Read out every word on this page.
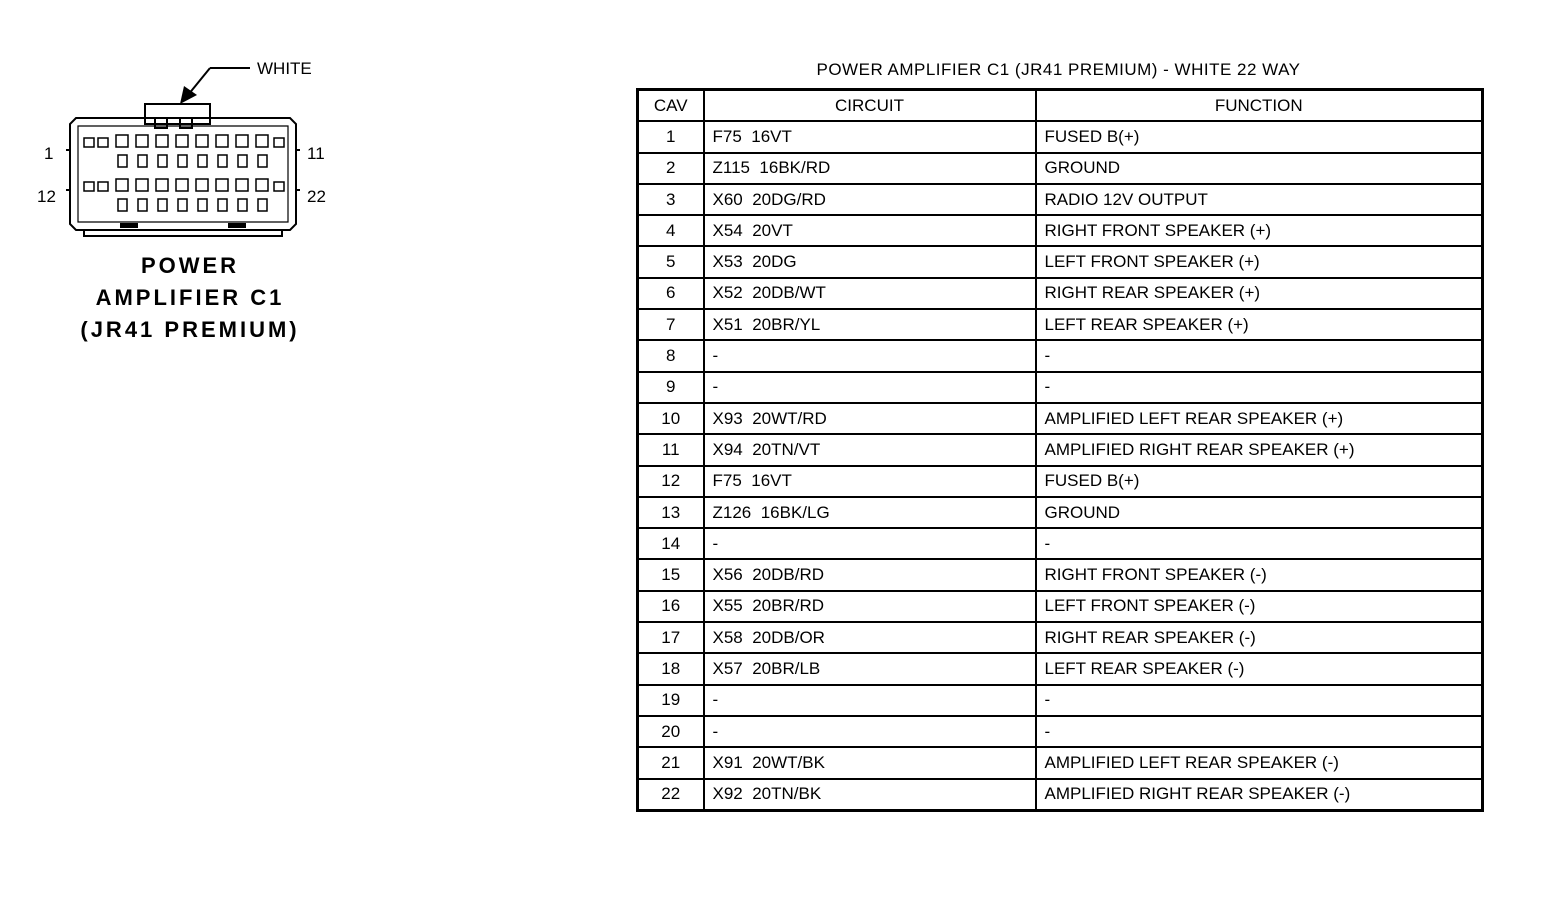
WHITE
1	11
12	22
POWER
AMPLIFIER C1
(JR41 PREMIUM)
POWER AMPLIFIER C1 (JR41 PREMIUM) - WHITE 22 WAY
CAV	CIRCUIT	FUNCTION
1	F75  16VT	FUSED B(+)
2	Z115  16BK/RD	GROUND
3	X60  20DG/RD	RADIO 12V OUTPUT
4	X54  20VT	RIGHT FRONT SPEAKER (+)
5	X53  20DG	LEFT FRONT SPEAKER (+)
6	X52  20DB/WT	RIGHT REAR SPEAKER (+)
7	X51  20BR/YL	LEFT REAR SPEAKER (+)
8	-	-
9	-	-
10	X93  20WT/RD	AMPLIFIED LEFT REAR SPEAKER (+)
11	X94  20TN/VT	AMPLIFIED RIGHT REAR SPEAKER (+)
12	F75  16VT	FUSED B(+)
13	Z126  16BK/LG	GROUND
14	-	-
15	X56  20DB/RD	RIGHT FRONT SPEAKER (-)
16	X55  20BR/RD	LEFT FRONT SPEAKER (-)
17	X58  20DB/OR	RIGHT REAR SPEAKER (-)
18	X57  20BR/LB	LEFT REAR SPEAKER (-)
19	-	-
20	-	-
21	X91  20WT/BK	AMPLIFIED LEFT REAR SPEAKER (-)
22	X92  20TN/BK	AMPLIFIED RIGHT REAR SPEAKER (-)
